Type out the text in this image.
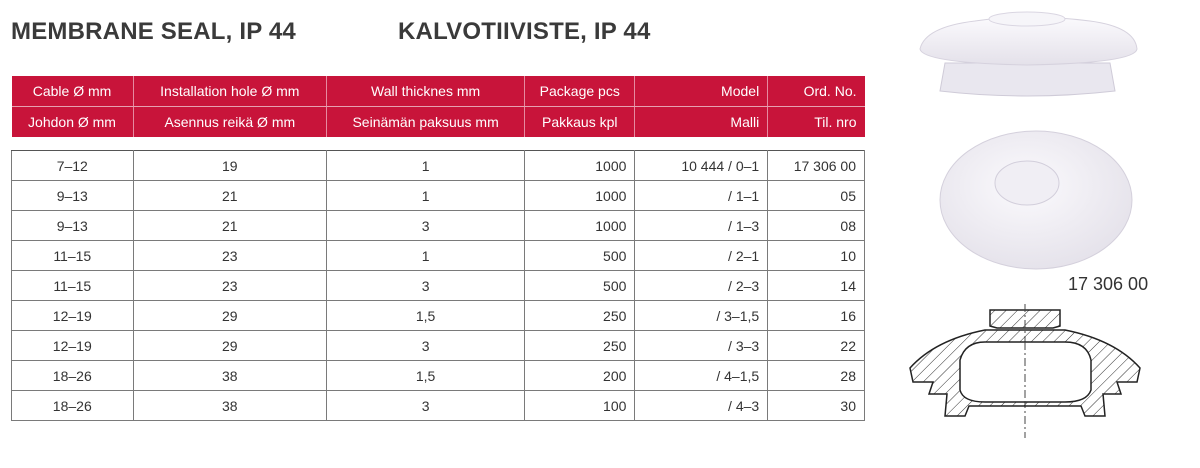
MEMBRANE SEAL, IP 44	KALVOTIIVISTE, IP 44
Cable Ø mm	Installation hole Ø mm	Wall thicknes mm	Package pcs	Model	Ord. No.
Johdon Ø mm	Asennus reikä Ø mm	Seinämän paksuus mm	Pakkaus kpl	Malli	Til. nro

7–12	19	1	1000	10 444 / 0–1	17 306 00
9–13	21	1	1000	/ 1–1	05
9–13	21	3	1000	/ 1–3	08
11–15	23	1	500	/ 2–1	10
11–15	23	3	500	/ 2–3	14
12–19	29	1,5	250	/ 3–1,5	16
12–19	29	3	250	/ 3–3	22
18–26	38	1,5	200	/ 4–1,5	28
18–26	38	3	100	/ 4–3	30
17 306 00
